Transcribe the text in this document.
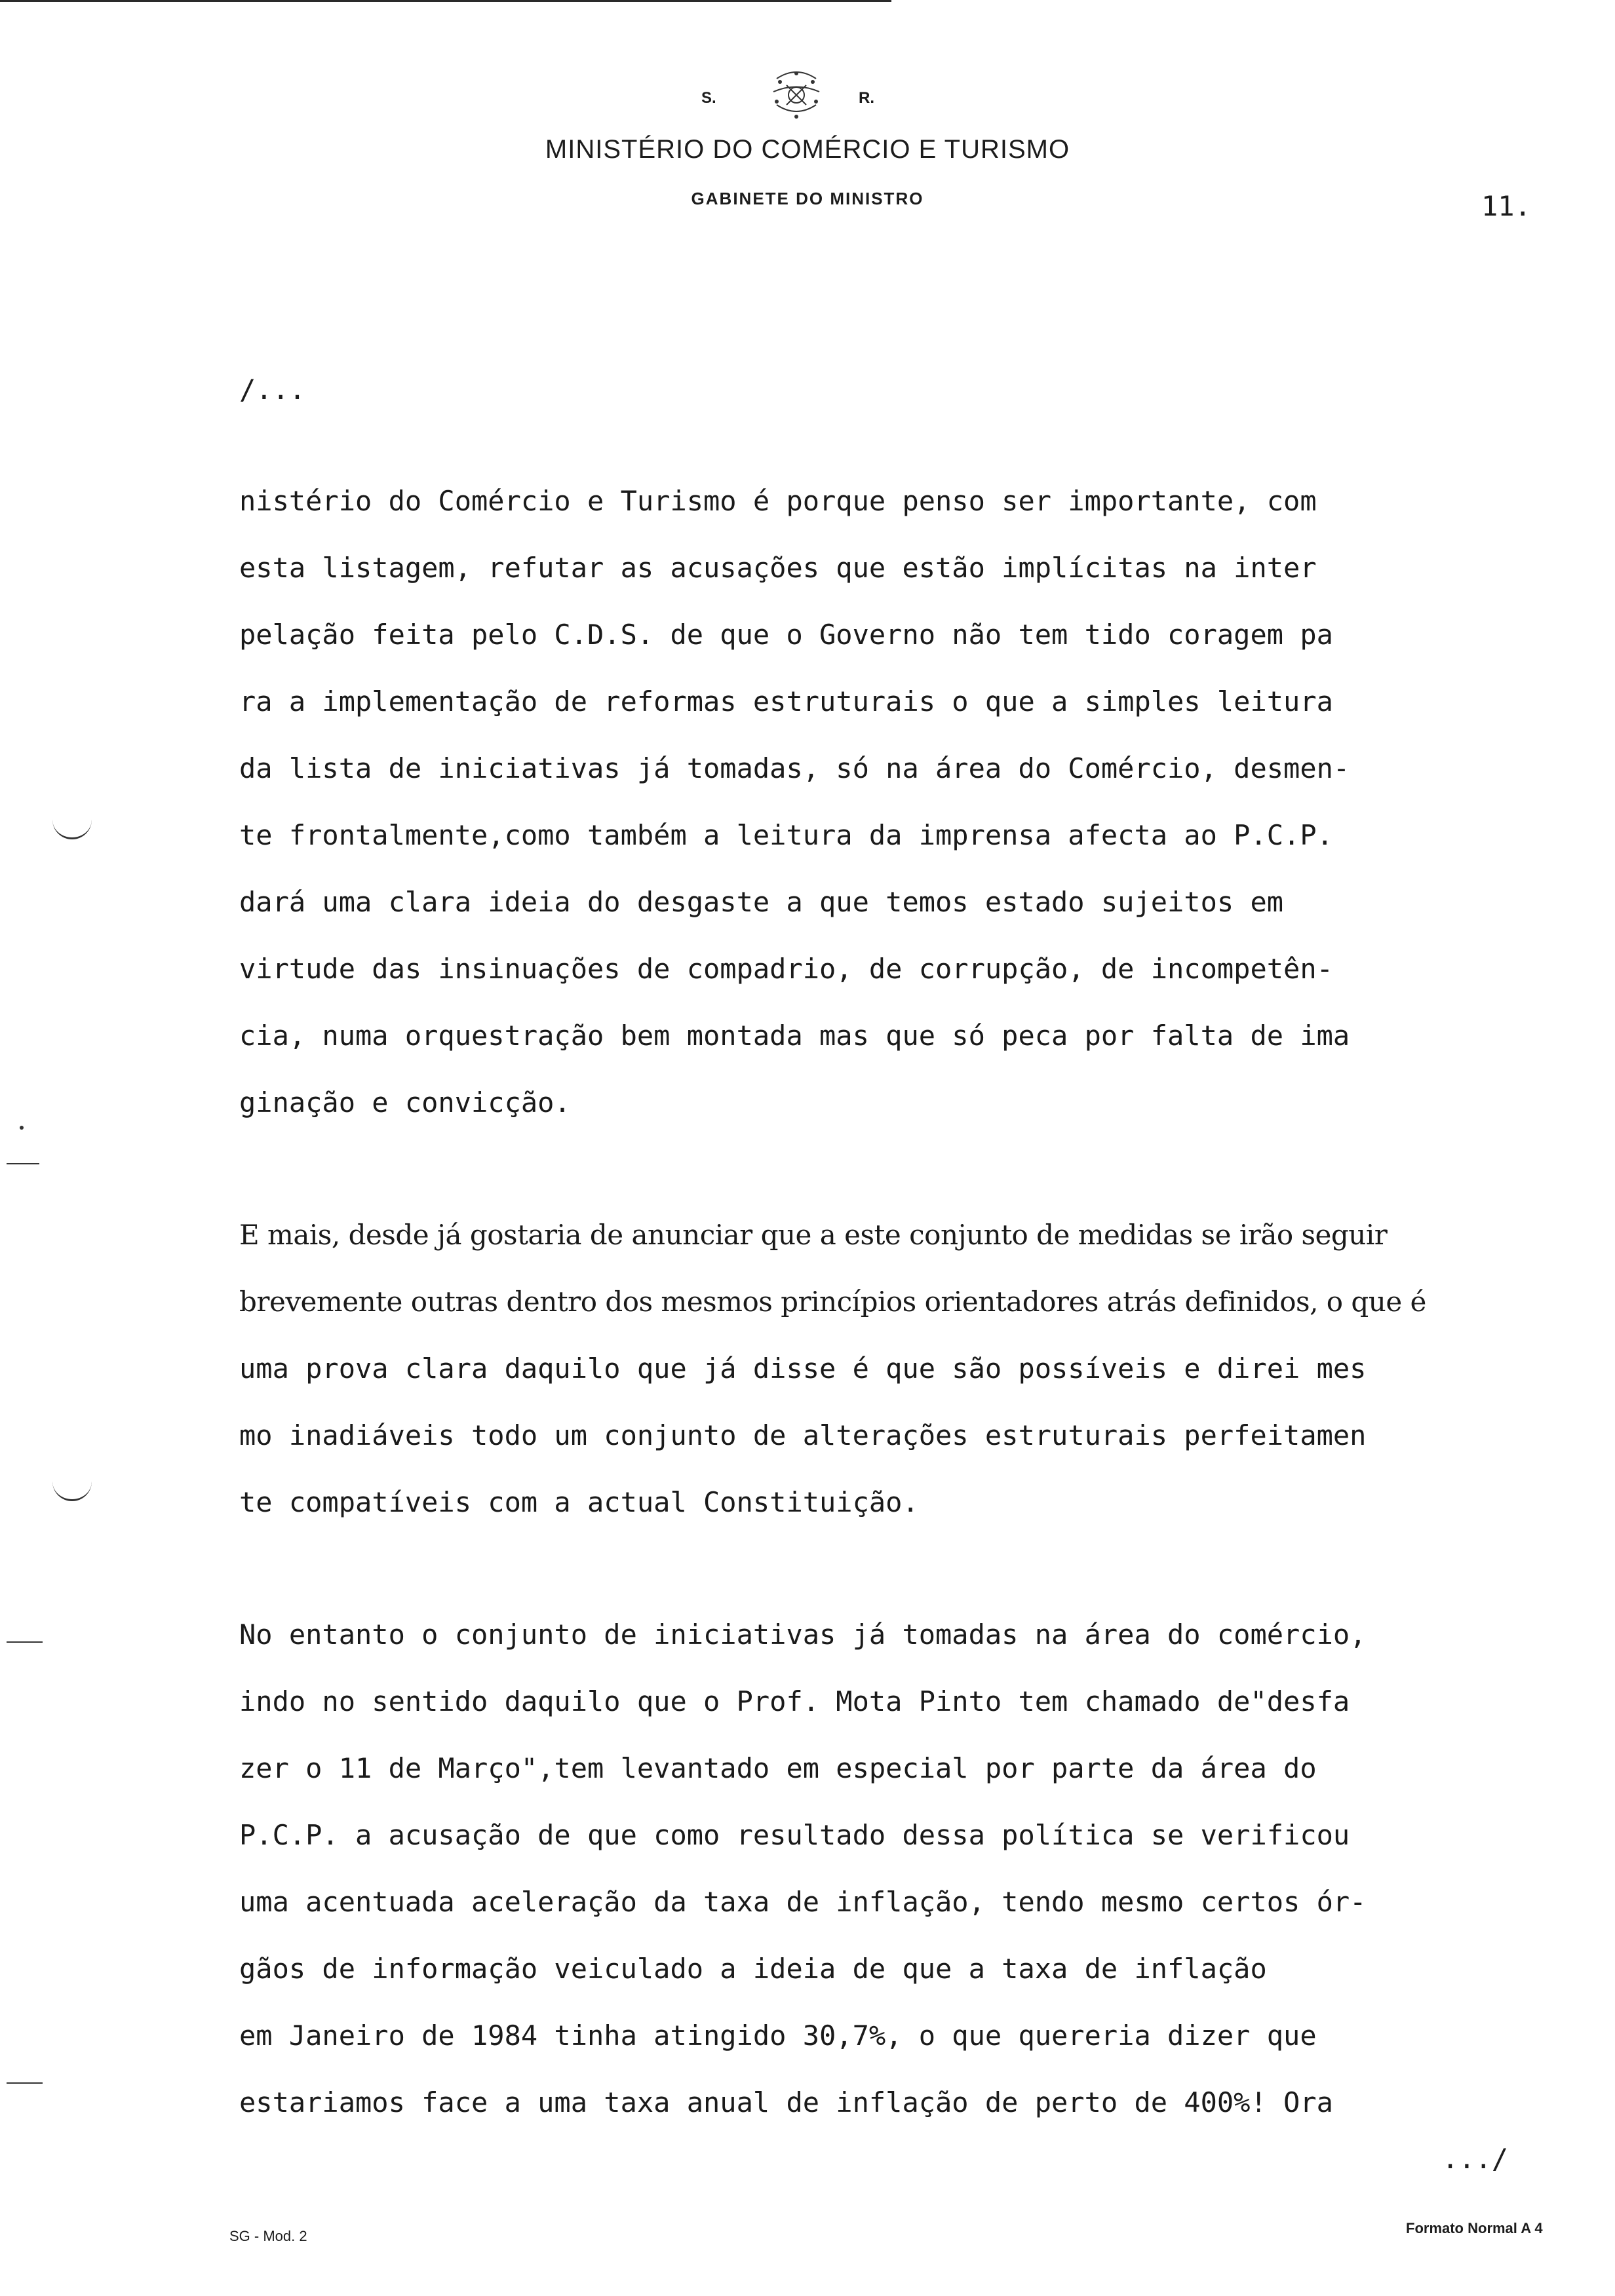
S.	R.
MINISTÉRIO DO COMÉRCIO E TURISMO
GABINETE DO MINISTRO	11.
/...
nistério do Comércio e Turismo é porque penso ser importante, com
esta listagem, refutar as acusações que estão implícitas na inter
pelação feita pelo C.D.S. de que o Governo não tem tido coragem pa
ra a implementação de reformas estruturais o que a simples leitura
da lista de iniciativas já tomadas, só na área do Comércio, desmen-
te frontalmente,como também a leitura da imprensa afecta ao P.C.P.
dará uma clara ideia do desgaste a que temos estado sujeitos em
virtude das insinuações de compadrio, de corrupção, de incompetên-
cia, numa orquestração bem montada mas que só peca por falta de ima
ginação e convicção.
E mais, desde já gostaria de anunciar que a este conjunto de medidas se irão seguir
brevemente outras dentro dos mesmos princípios orientadores atrás definidos, o que é
uma prova clara daquilo que já disse é que são possíveis e direi mes
mo inadiáveis todo um conjunto de alterações estruturais perfeitamen
te compatíveis com a actual Constituição.
No entanto o conjunto de iniciativas já tomadas na área do comércio,
indo no sentido daquilo que o Prof. Mota Pinto tem chamado de"desfa
zer o 11 de Março",tem levantado em especial por parte da área do
P.C.P. a acusação de que como resultado dessa política se verificou
uma acentuada aceleração da taxa de inflação, tendo mesmo certos ór-
gãos de informação veiculado a ideia de que a taxa de inflação
em Janeiro de 1984 tinha atingido 30,7%, o que quereria dizer que
estariamos face a uma taxa anual de inflação de perto de 400%! Ora
.../
SG - Mod. 2	Formato Normal A 4
